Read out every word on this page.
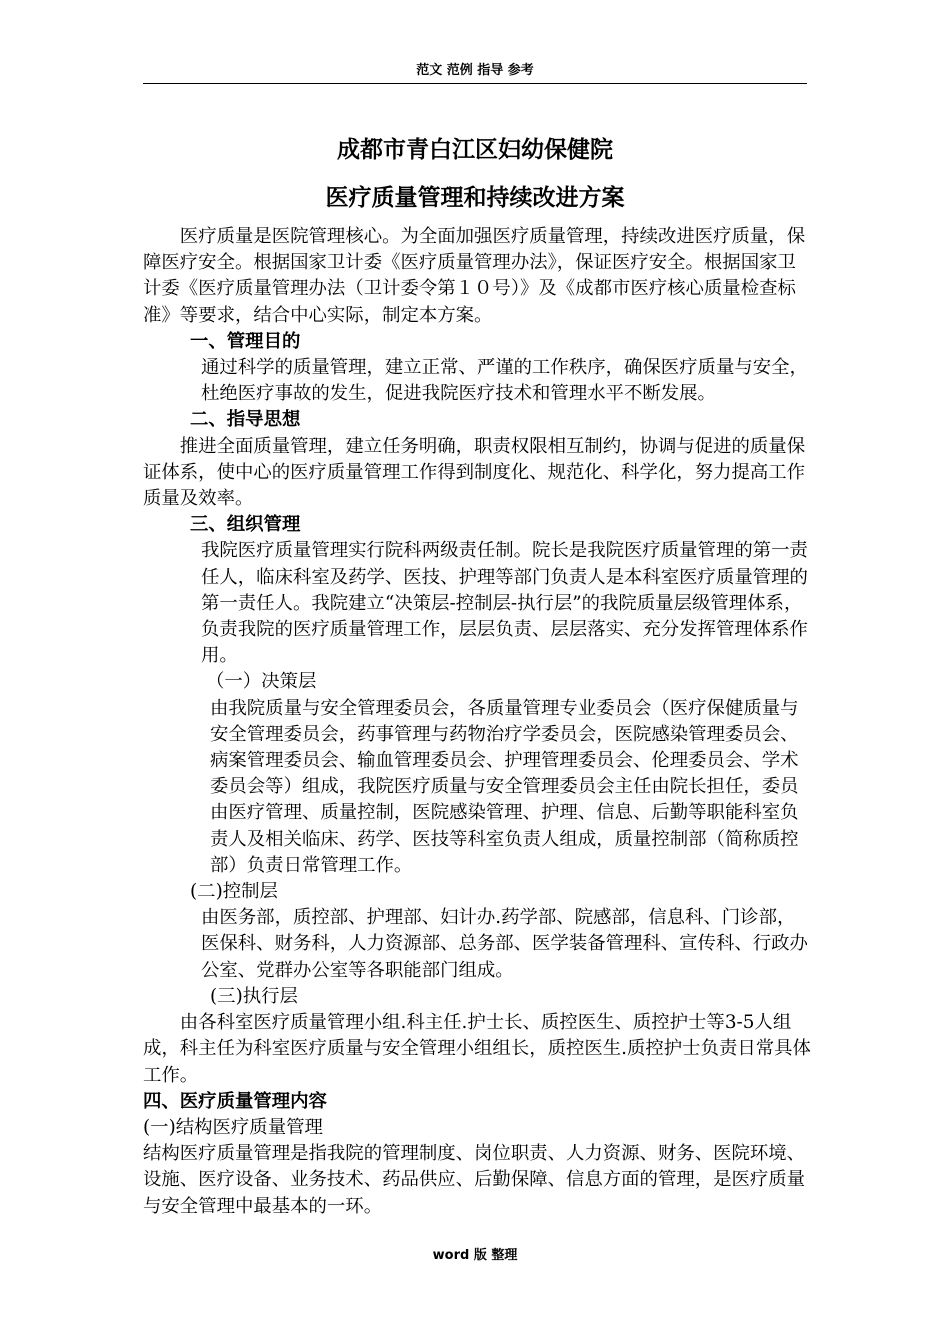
范文 范例 指导 参考
成都市青白江区妇幼保健院
医疗质量管理和持续改进方案

医疗质量是医院管理核心。为全面加强医疗质量管理，持续改进医疗质量，保障医疗安全。根据国家卫计委《医疗质量管理办法》，保证医疗安全。根据国家卫计委《医疗质量管理办法（卫计委令第１０号）》及《成都市医疗核心质量检查标准》等要求，结合中心实际，制定本方案。

一、管理目的

通过科学的质量管理，建立正常、严谨的工作秩序，确保医疗质量与安全，杜绝医疗事故的发生，促进我院医疗技术和管理水平不断发展。

二、指导思想

推进全面质量管理，建立任务明确，职责权限相互制约，协调与促进的质量保证体系，使中心的医疗质量管理工作得到制度化、规范化、科学化，努力提高工作质量及效率。

三、组织管理

我院医疗质量管理实行院科两级责任制。院长是我院医疗质量管理的第一责任人，临床科室及药学、医技、护理等部门负责人是本科室医疗质量管理的第一责任人。我院建立“决策层-控制层-执行层”的我院质量层级管理体系，负责我院的医疗质量管理工作，层层负责、层层落实、充分发挥管理体系作用。

（一）决策层

由我院质量与安全管理委员会，各质量管理专业委员会（医疗保健质量与安全管理委员会，药事管理与药物治疗学委员会，医院感染管理委员会、病案管理委员会、输血管理委员会、护理管理委员会、伦理委员会、学术委员会等）组成，我院医疗质量与安全管理委员会主任由院长担任，委员由医疗管理、质量控制，医院感染管理、护理、信息、后勤等职能科室负责人及相关临床、药学、医技等科室负责人组成，质量控制部（简称质控部）负责日常管理工作。

(二)控制层

由医务部，质控部、护理部、妇计办.药学部、院感部，信息科、门诊部，医保科、财务科，人力资源部、总务部、医学装备管理科、宣传科、行政办公室、党群办公室等各职能部门组成。

(三)执行层

由各科室医疗质量管理小组.科主任.护士长、质控医生、质控护士等3-5人组成，科主任为科室医疗质量与安全管理小组组长，质控医生.质控护士负责日常具体工作。

四、医疗质量管理内容

(一)结构医疗质量管理

结构医疗质量管理是指我院的管理制度、岗位职责、人力资源、财务、医院环境、设施、医疗设备、业务技术、药品供应、后勤保障、信息方面的管理，是医疗质量与安全管理中最基本的一环。

word 版 整理
